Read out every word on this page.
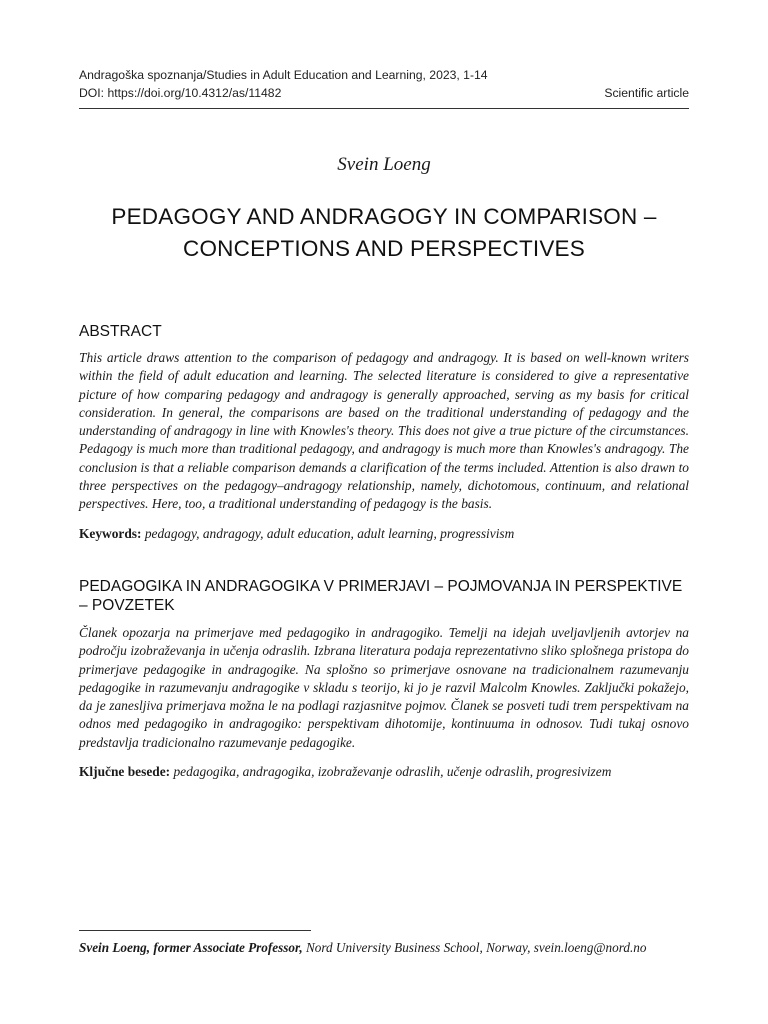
Andragoška spoznanja/Studies in Adult Education and Learning, 2023, 1-14
DOI: https://doi.org/10.4312/as/11482	Scientific article
Svein Loeng
PEDAGOGY AND ANDRAGOGY IN COMPARISON –
CONCEPTIONS AND PERSPECTIVES
ABSTRACT
This article draws attention to the comparison of pedagogy and andragogy. It is based on well-known writers within the field of adult education and learning. The selected literature is considered to give a representative picture of how comparing pedagogy and andragogy is generally approached, serving as my basis for critical consideration. In general, the comparisons are based on the traditional understanding of pedagogy and the understanding of andragogy in line with Knowles's theory. This does not give a true picture of the circumstances. Pedagogy is much more than traditional pedagogy, and andragogy is much more than Knowles's andragogy. The conclusion is that a reliable comparison demands a clarification of the terms included. Attention is also drawn to three perspectives on the pedagogy–andragogy relationship, namely, dichotomous, continuum, and relational perspectives. Here, too, a traditional understanding of pedagogy is the basis.
Keywords: pedagogy, andragogy, adult education, adult learning, progressivism
PEDAGOGIKA IN ANDRAGOGIKA V PRIMERJAVI – POJMOVANJA IN PERSPEKTIVE – POVZETEK
Članek opozarja na primerjave med pedagogiko in andragogiko. Temelji na idejah uveljavljenih avtorjev na področju izobraževanja in učenja odraslih. Izbrana literatura podaja reprezentativno sliko splošnega pristopa do primerjave pedagogike in andragogike. Na splošno so primerjave osnovane na tradicionalnem razumevanju pedagogike in razumevanju andragogike v skladu s teorijo, ki jo je razvil Malcolm Knowles. Zaključki pokažejo, da je zanesljiva primerjava možna le na podlagi razjasnitve pojmov. Članek se posveti tudi trem perspektivam na odnos med pedagogiko in andragogiko: perspektivam dihotomije, kontinuuma in odnosov. Tudi tukaj osnovo predstavlja tradicionalno razumevanje pedagogike.
Ključne besede: pedagogika, andragogika, izobraževanje odraslih, učenje odraslih, progresivizem
Svein Loeng, former Associate Professor, Nord University Business School, Norway, svein.loeng@nord.no
